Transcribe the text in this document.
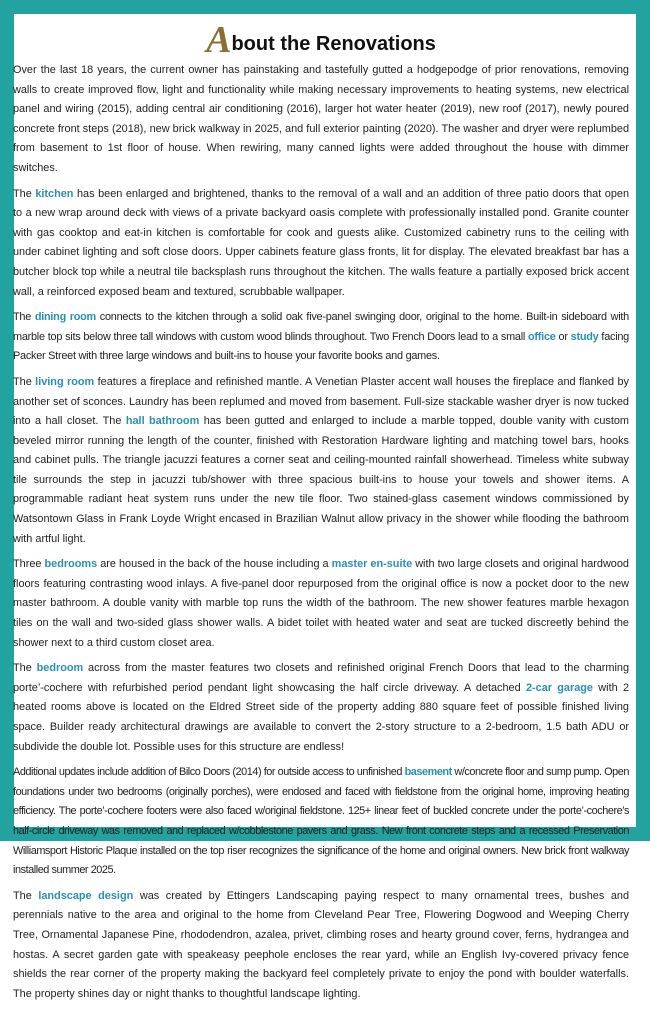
About the Renovations

Over the last 18 years, the current owner has painstaking and tastefully gutted a hodgepodge of prior renovations, removing walls to create improved flow, light and functionality while making necessary improvements to heating systems, new electrical panel and wiring (2015), adding central air conditioning (2016), larger hot water heater (2019), new roof (2017), newly poured concrete front steps (2018), new brick walkway in 2025, and full exterior painting (2020). The washer and dryer were replumbed from basement to 1st floor of house. When rewiring, many canned lights were added throughout the house with dimmer switches.

The kitchen has been enlarged and brightened, thanks to the removal of a wall and an addition of three patio doors that open to a new wrap around deck with views of a private backyard oasis complete with professionally installed pond. Granite counter with gas cooktop and eat-in kitchen is comfortable for cook and guests alike. Customized cabinetry runs to the ceiling with under cabinet lighting and soft close doors. Upper cabinets feature glass fronts, lit for display. The elevated breakfast bar has a butcher block top while a neutral tile backsplash runs throughout the kitchen. The walls feature a partially exposed brick accent wall, a reinforced exposed beam and textured, scrubbable wallpaper.

The dining room connects to the kitchen through a solid oak five-panel swinging door, original to the home. Built-in sideboard with marble top sits below three tall windows with custom wood blinds throughout. Two French Doors lead to a small office or study facing Packer Street with three large windows and built-ins to house your favorite books and games.

The living room features a fireplace and refinished mantle. A Venetian Plaster accent wall houses the fireplace and flanked by another set of sconces. Laundry has been replumed and moved from basement. Full-size stackable washer dryer is now tucked into a hall closet. The hall bathroom has been gutted and enlarged to include a marble topped, double vanity with custom beveled mirror running the length of the counter, finished with Restoration Hardware lighting and matching towel bars, hooks and cabinet pulls. The triangle jacuzzi features a corner seat and ceiling-mounted rainfall showerhead. Timeless white subway tile surrounds the step in jacuzzi tub/shower with three spacious built-ins to house your towels and shower items. A programmable radiant heat system runs under the new tile floor. Two stained-glass casement windows commissioned by Watsontown Glass in Frank Loyde Wright encased in Brazilian Walnut allow privacy in the shower while flooding the bathroom with artful light.

Three bedrooms are housed in the back of the house including a master en-suite with two large closets and original hardwood floors featuring contrasting wood inlays. A five-panel door repurposed from the original office is now a pocket door to the new master bathroom. A double vanity with marble top runs the width of the bathroom. The new shower features marble hexagon tiles on the wall and two-sided glass shower walls. A bidet toilet with heated water and seat are tucked discreetly behind the shower next to a third custom closet area.

The bedroom across from the master features two closets and refinished original French Doors that lead to the charming porte’-cochere with refurbished period pendant light showcasing the half circle driveway. A detached 2-car garage with 2 heated rooms above is located on the Eldred Street side of the property adding 880 square feet of possible finished living space. Builder ready architectural drawings are available to convert the 2-story structure to a 2-bedroom, 1.5 bath ADU or subdivide the double lot. Possible uses for this structure are endless!

Additional updates include addition of Bilco Doors (2014) for outside access to unfinished basement w/concrete floor and sump pump. Open foundations under two bedrooms (originally porches), were endosed and faced with fieldstone from the original home, improving heating efficiency. The porte’-cochere footers were also faced w/original fieldstone. 125+ linear feet of buckled concrete under the porte’-cochere’s half-circle driveway was removed and replaced w/cobblestone pavers and grass. New front concrete steps and a recessed Preservation Williamsport Historic Plaque installed on the top riser recognizes the significance of the home and original owners. New brick front walkway installed summer 2025.

The landscape design was created by Ettingers Landscaping paying respect to many ornamental trees, bushes and perennials native to the area and original to the home from Cleveland Pear Tree, Flowering Dogwood and Weeping Cherry Tree, Ornamental Japanese Pine, rhododendron, azalea, privet, climbing roses and hearty ground cover, ferns, hydrangea and hostas. A secret garden gate with speakeasy peephole encloses the rear yard, while an English Ivy-covered privacy fence shields the rear corner of the property making the backyard feel completely private to enjoy the pond with boulder waterfalls. The property shines day or night thanks to thoughtful landscape lighting.
